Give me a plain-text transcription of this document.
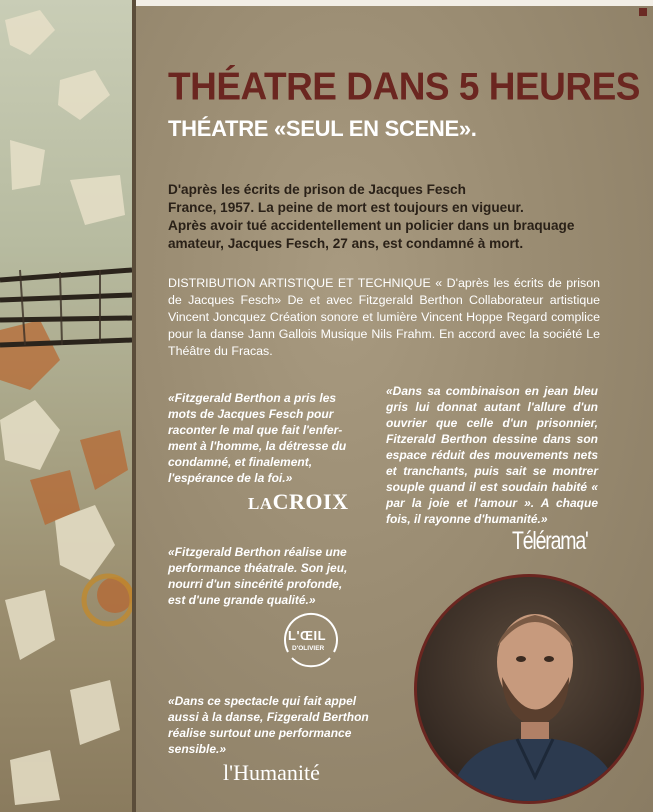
THÉATRE DANS 5 HEURES
THÉATRE «SEUL EN SCENE».

D'après les écrits de prison de Jacques Fesch
France, 1957. La peine de mort est toujours en vigueur.
Après avoir tué accidentellement un policier dans un braquage
amateur, Jacques Fesch, 27 ans, est condamné à mort.

DISTRIBUTION ARTISTIQUE ET TECHNIQUE « D'après les écrits de prison de Jacques Fesch» De et avec Fitzgerald Berthon Collaborateur artistique Vincent Joncquez Création sonore et lumière Vincent Hoppe Regard complice pour la danse Jann Gallois Musique Nils Frahm. En accord avec la société Le Théâtre du Fracas.

«Fitzgerald Berthon a pris les mots de Jacques Fesch pour raconter le mal que fait l'enfer-ment à l'homme, la détresse du condamné, et finalement, l'espérance de la foi.»

LACROIX

«Dans sa combinaison en jean bleu gris lui donnat autant l'allure d'un ouvrier que celle d'un prisonnier, Fitzerald Berthon dessine dans son espace réduit des mouvements nets et tranchants, puis sait se montrer souple quand il est soudain habité « par la joie et l'amour ». A chaque fois, il rayonne d'humanité.»

Télérama'

«Fitzgerald Berthon réalise une performance théatrale. Son jeu, nourri d'un sincérité profonde, est d'une grande qualité.»

L'ŒIL
D'OLIVIER

«Dans ce spectacle qui fait appel aussi à la danse, Fizgerald Berthon réalise surtout une performance sensible.»

l'Humanité
